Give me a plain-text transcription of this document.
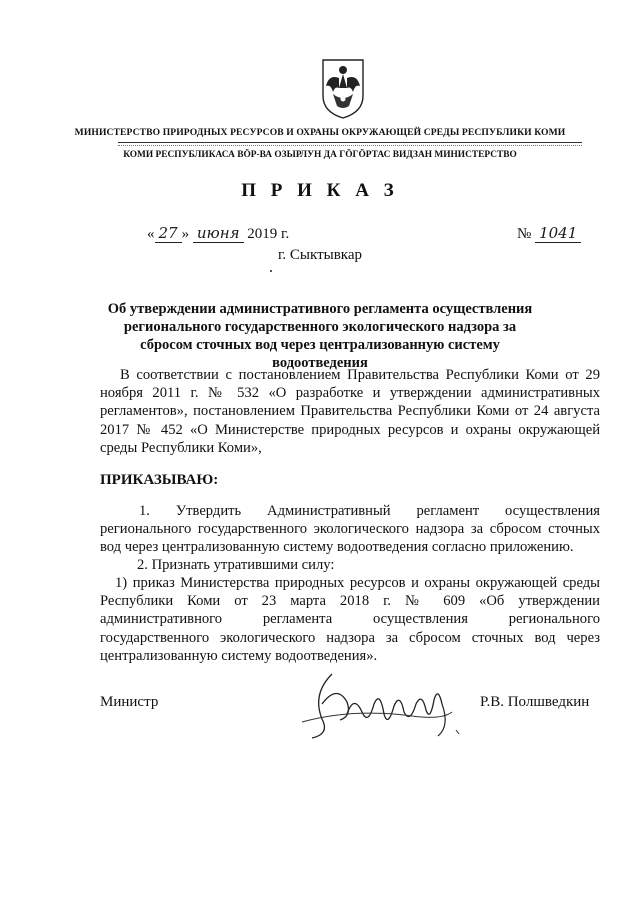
МИНИСТЕРСТВО ПРИРОДНЫХ РЕСУРСОВ И ОХРАНЫ ОКРУЖАЮЩЕЙ СРЕДЫ РЕСПУБЛИКИ КОМИ
КОМИ РЕСПУБЛИКАСА ВÖР-ВА ОЗЫРЛУН ДА ГÖГÖРТАС ВИДЗАН МИНИСТЕРСТВО
П Р И К А З
« 27 » июня 2019 г.	№ 1041
г. Сыктывкар
Об утверждении административного регламента осуществления регионального государственного экологического надзора за сбросом сточных вод через централизованную систему водоотведения
В соответствии с постановлением Правительства Республики Коми от 29 ноября 2011 г. № 532 «О разработке и утверждении административных регламентов», постановлением Правительства Республики Коми от 24 августа 2017 № 452 «О Министерстве природных ресурсов и охраны окружающей среды Республики Коми»,
ПРИКАЗЫВАЮ:
1. Утвердить Административный регламент осуществления регионального государственного экологического надзора за сбросом сточных вод через централизованную систему водоотведения согласно приложению.
2. Признать утратившими силу:
1) приказ Министерства природных ресурсов и охраны окружающей среды Республики Коми от 23 марта 2018 г. № 609 «Об утверждении административного регламента осуществления регионального государственного экологического надзора за сбросом сточных вод через централизованную систему водоотведения».
Министр	Р.В. Полшведкин
